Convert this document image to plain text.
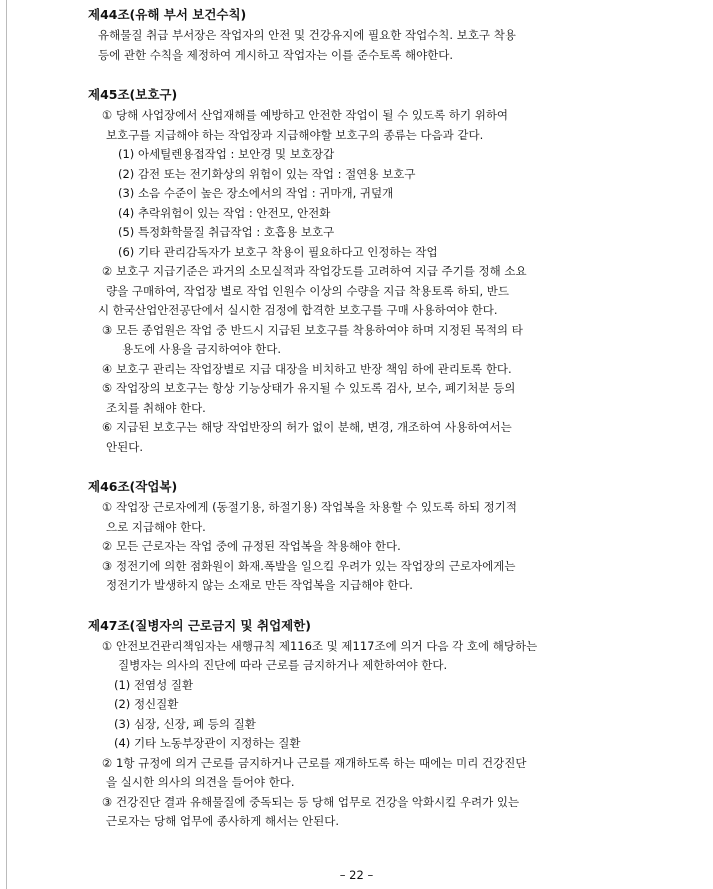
제44조(유해 부서 보건수칙)
유해물질 취급 부서장은 작업자의 안전 및 건강유지에 필요한 작업수칙. 보호구 착용
등에 관한 수칙을 제정하여 게시하고 작업자는 이를 준수토록 해야한다.
제45조(보호구)
① 당해 사업장에서 산업재해를 예방하고 안전한 작업이 될 수 있도록 하기 위하여
보호구를 지급해야 하는 작업장과 지급해야할 보호구의 종류는 다음과 같다.
(1) 아세틸렌용접작업 : 보안경 및 보호장갑
(2) 감전 또는 전기화상의 위험이 있는 작업 : 절연용 보호구
(3) 소음 수준이 높은 장소에서의 작업 : 귀마개, 귀덮개
(4) 추락위험이 있는 작업 : 안전모, 안전화
(5) 특정화학물질 취급작업 : 호흡용 보호구
(6) 기타 관리감독자가 보호구 착용이 필요하다고 인정하는 작업
② 보호구 지급기준은 과거의 소모실적과 작업강도를 고려하여 지급 주기를 정해 소요
량을 구매하여, 작업장 별로 작업 인원수 이상의 수량을 지급 착용토록 하되, 반드
시 한국산업안전공단에서 실시한 검정에 합격한 보호구를 구매 사용하여야 한다.
③ 모든 종업원은 작업 중 반드시 지급된 보호구를 착용하여야 하며 지정된 목적의 타
용도에 사용을 금지하여야 한다.
④ 보호구 관리는 작업장별로 지급 대장을 비치하고 반장 책임 하에 관리토록 한다.
⑤ 작업장의 보호구는 항상 기능상태가 유지될 수 있도록 검사, 보수, 폐기처분 등의
조치를 취해야 한다.
⑥ 지급된 보호구는 해당 작업반장의 허가 없이 분해, 변경, 개조하여 사용하여서는
안된다.
제46조(작업복)
① 작업장 근로자에게 (동절기용, 하절기용) 작업복을 차용할 수 있도록 하되 정기적
으로 지급해야 한다.
② 모든 근로자는 작업 중에 규정된 작업복을 착용해야 한다.
③ 정전기에 의한 점화원이 화재.폭발을 일으킬 우려가 있는 작업장의 근로자에게는
정전기가 발생하지 않는 소재로 만든 작업복을 지급해야 한다.
제47조(질병자의 근로금지 및 취업제한)
① 안전보건관리책임자는 새행규칙 제116조 및 제117조에 의거 다음 각 호에 해당하는
질병자는 의사의 진단에 따라 근로를 금지하거나 제한하여야 한다.
(1) 전염성 질환
(2) 정신질환
(3) 심장, 신장, 폐 등의 질환
(4) 기타 노동부장관이 지정하는 질환
② 1항 규정에 의거 근로를 금지하거나 근로를 재개하도록 하는 때에는 미리 건강진단
을 실시한 의사의 의견을 들어야 한다.
③ 건강진단 결과 유해물질에 중독되는 등 당해 업무로 건강을 악화시킬 우려가 있는
근로자는 당해 업무에 종사하게 해서는 안된다.
– 22 –
